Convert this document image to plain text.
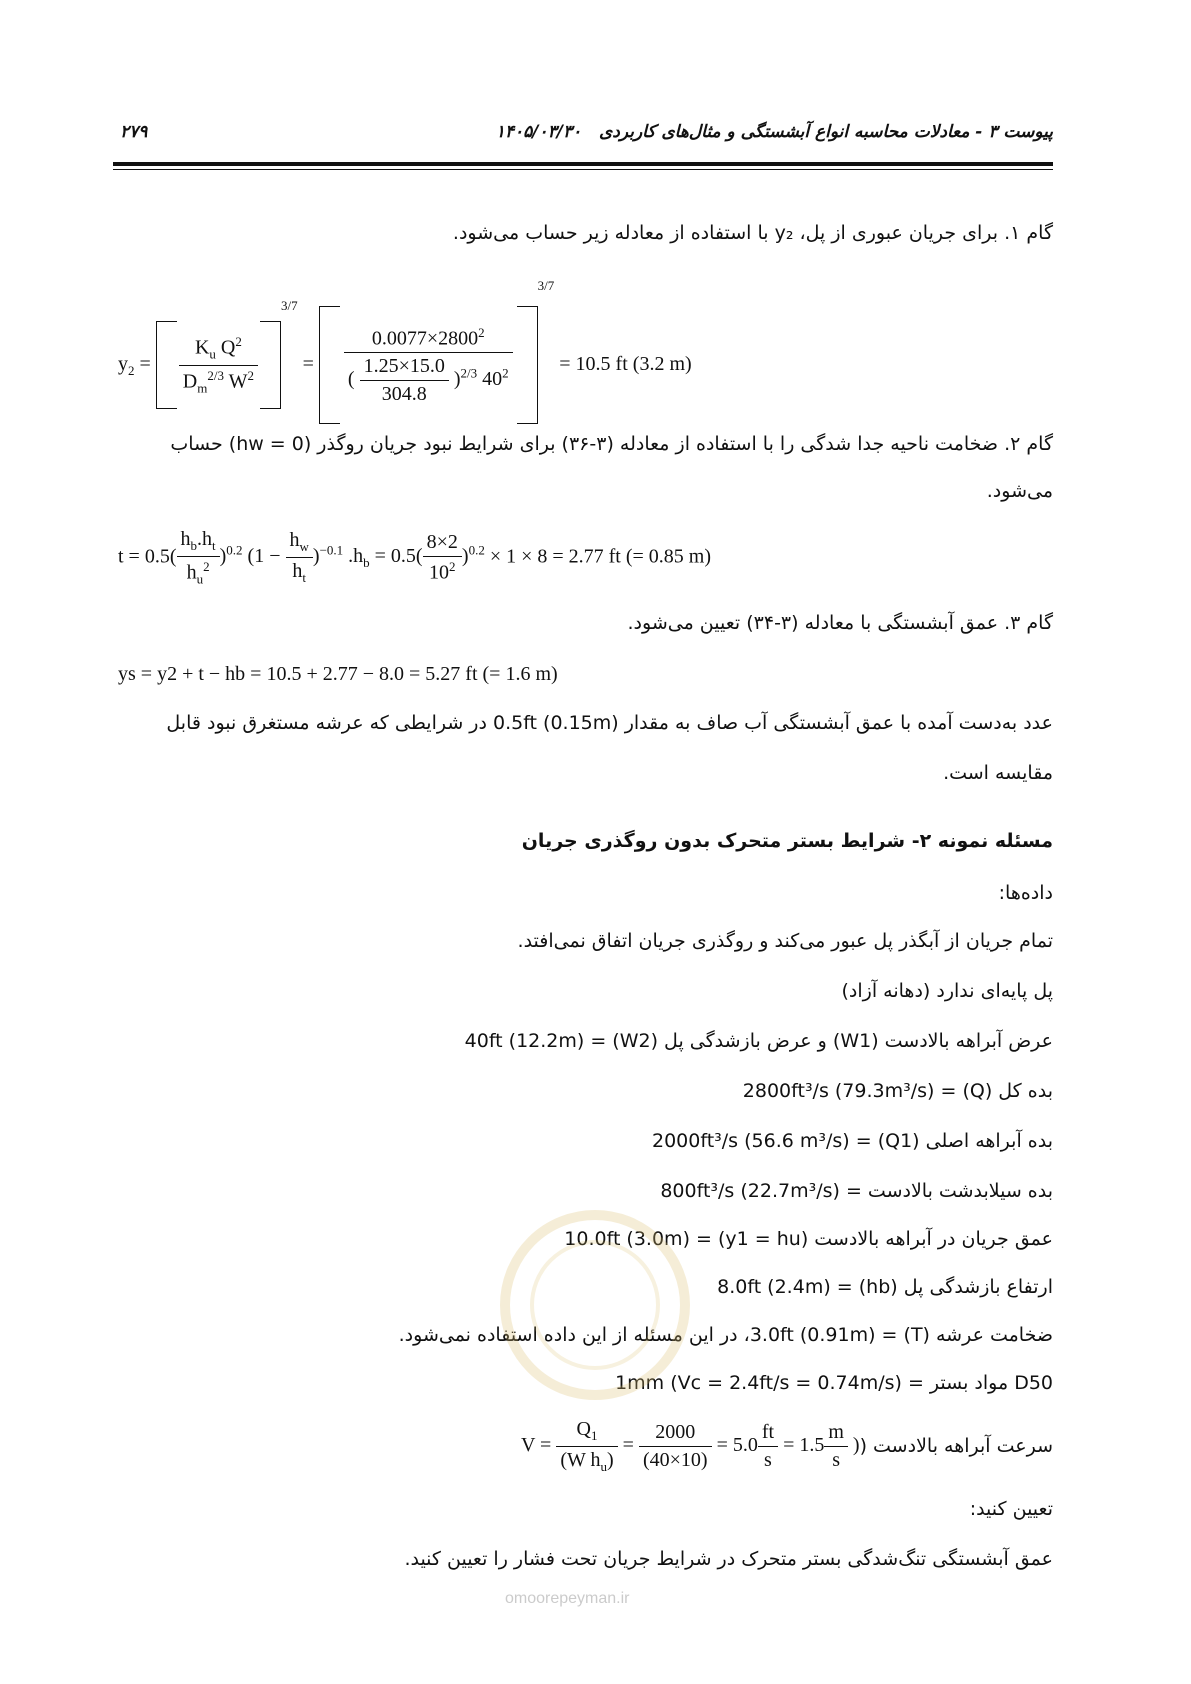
پیوست ۳ - معادلات محاسبه انواع آبشستگی و مثال‌های کاربردی   ۱۴۰۵/۰۳/۳۰
۲۷۹
گام ۱. برای جریان عبوری از پل، y₂ با استفاده از معادله زیر حساب می‌شود.
$y_2 = \frac{K_u Q^2}{D_m^{2/3} W^2}$
$^{3/7} = \frac{0.0077\times 2800^2}{( \frac{1.25\times 15.0}{304.8} )^{2/3} 40^2}$
$^{3/7}$ = 10.5 ft (3.2 m)
گام ۲. ضخامت ناحیه جدا شدگی را با استفاده از معادله (۳-۳۶) برای شرایط نبود جریان روگذر (hw = 0) حساب
می‌شود.
$t = 0.5( \frac{h_b.h_t}{h_u^2} )^{0.2}$ $(1 - \frac{h_w}{h_t} )^{-0.1}$ $.h_b = 0.5( \frac{8\times 2}{10^2} )^{0.2} \times 1 \times 8 = 2.77$ ft (= 0.85 m)
گام ۳. عمق آبشستگی با معادله (۳-۳۴) تعیین می‌شود.
ys = y2 + t − hb = 10.5 + 2.77 − 8.0 = 5.27 ft (= 1.6 m)
عدد به‌دست آمده با عمق آبشستگی آب صاف به مقدار 0.5ft (0.15m) در شرایطی که عرشه مستغرق نبود قابل
مقایسه است.
مسئله نمونه ۲- شرایط بستر متحرک بدون روگذری جریان
داده‌ها:
تمام جریان از آبگذر پل عبور می‌کند و روگذری جریان اتفاق نمی‌افتد.
پل پایه‌ای ندارد (دهانه آزاد)
عرض آبراهه بالادست (W1) و عرض بازشدگی پل (W2) = 40ft (12.2m)
بده کل (Q) = 2800ft³/s (79.3m³/s)
بده آبراهه اصلی (Q1) = 2000ft³/s (56.6 m³/s)
بده سیلابدشت بالادست = 800ft³/s (22.7m³/s)
عمق جریان در آبراهه بالادست (y1 = hu) = 10.0ft (3.0m)
ارتفاع بازشدگی پل (hb) = 8.0ft (2.4m)
ضخامت عرشه (T) = 3.0ft (0.91m)، در این مسئله از این داده استفاده نمی‌شود.
D50 مواد بستر = 1mm (Vc = 2.4ft/s = 0.74m/s)
سرعت آبراهه بالادست (
$V = \frac{Q_1}{(W h_u)} = \frac{2000}{(40\times 10)} = 5.0 \frac{ft}{s} = 1.5 \frac{m}{s}$ )
تعیین کنید:
عمق آبشستگی تنگ‌شدگی بستر متحرک در شرایط جریان تحت فشار را تعیین کنید.
omoorepeyman.ir
